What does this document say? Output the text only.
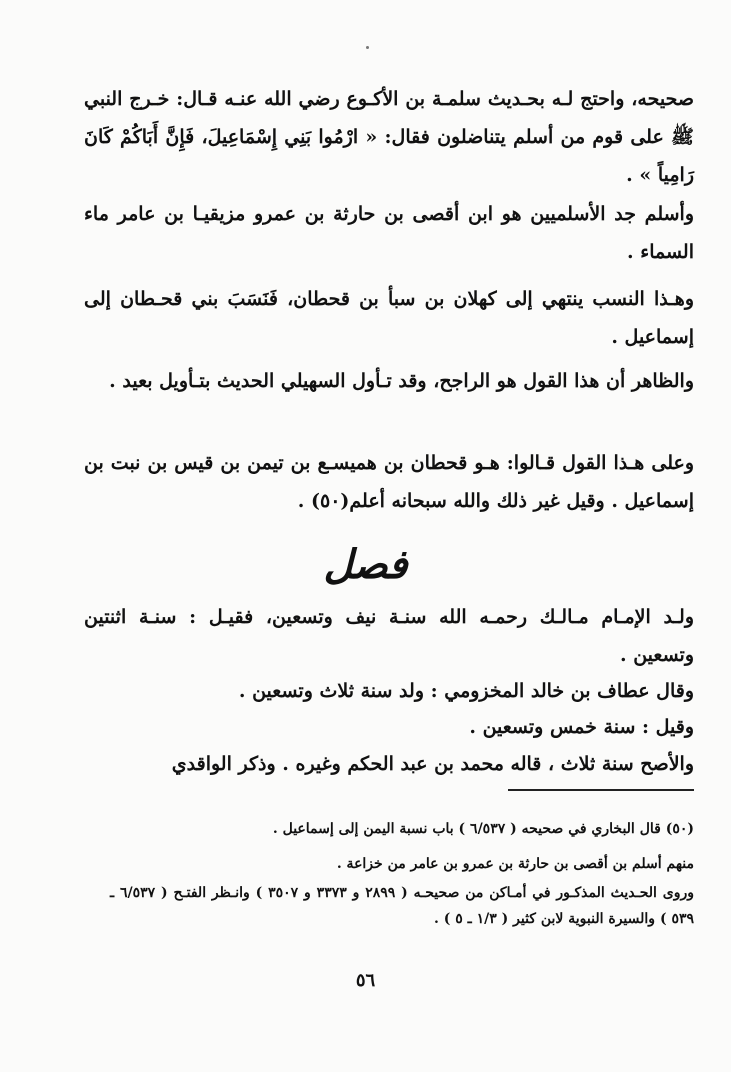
صحيحه، واحتج لـه بحـديث سلمـة بن الأكـوع رضي الله عنـه قـال: خـرج النبي ﷺ على قوم من أسلم يتناضلون فقال: « ارْمُوا بَنِي إِسْمَاعِيلَ، فَإِنَّ أَبَاكُمْ كَانَ رَامِياً » .
وأسلم جد الأسلميين هو ابن أقصى بن حارثة بن عمرو مزيقيـا بن عامر ماء السماء .
وهـذا النسب ينتهي إلى كهلان بن سبأ بن قحطان، فَنَسَبَ بني قحـطان إلى إسماعيل .
والظاهر أن هذا القول هو الراجح، وقد تـأول السهيلي الحديث بتـأويل بعيد .
وعلى هـذا القول قـالوا: هـو قحطان بن هميسـع بن تيمن بن قيس بن نبت بن إسماعيل . وقيل غير ذلك والله سبحانه أعلم(٥٠) .
فصل
ولـد الإمـام مـالـك رحمـه الله سنـة نيف وتسعين، فقيـل : سنـة اثنتين وتسعين .
وقال عطاف بن خالد المخزومي : ولد سنة ثلاث وتسعين .
وقيل : سنة خمس وتسعين .
والأصح سنة ثلاث ، قاله محمد بن عبد الحكم وغيره . وذكر الواقدي
(٥٠) قال البخاري في صحيحه ( ٦/٥٣٧ ) باب نسبة اليمن إلى إسماعيل .
منهم أسلم بن أقصى بن حارثة بن عمرو بن عامر من خزاعة .
وروى الحـديث المذكـور في أمـاكن من صحيحـه ( ٢٨٩٩ و ٣٣٧٣ و ٣٥٠٧ ) وانـظر الفتـح ( ٦/٥٣٧ ـ ٥٣٩ ) والسيرة النبوية لابن كثير ( ١/٣ ـ ٥ ) .
٥٦
